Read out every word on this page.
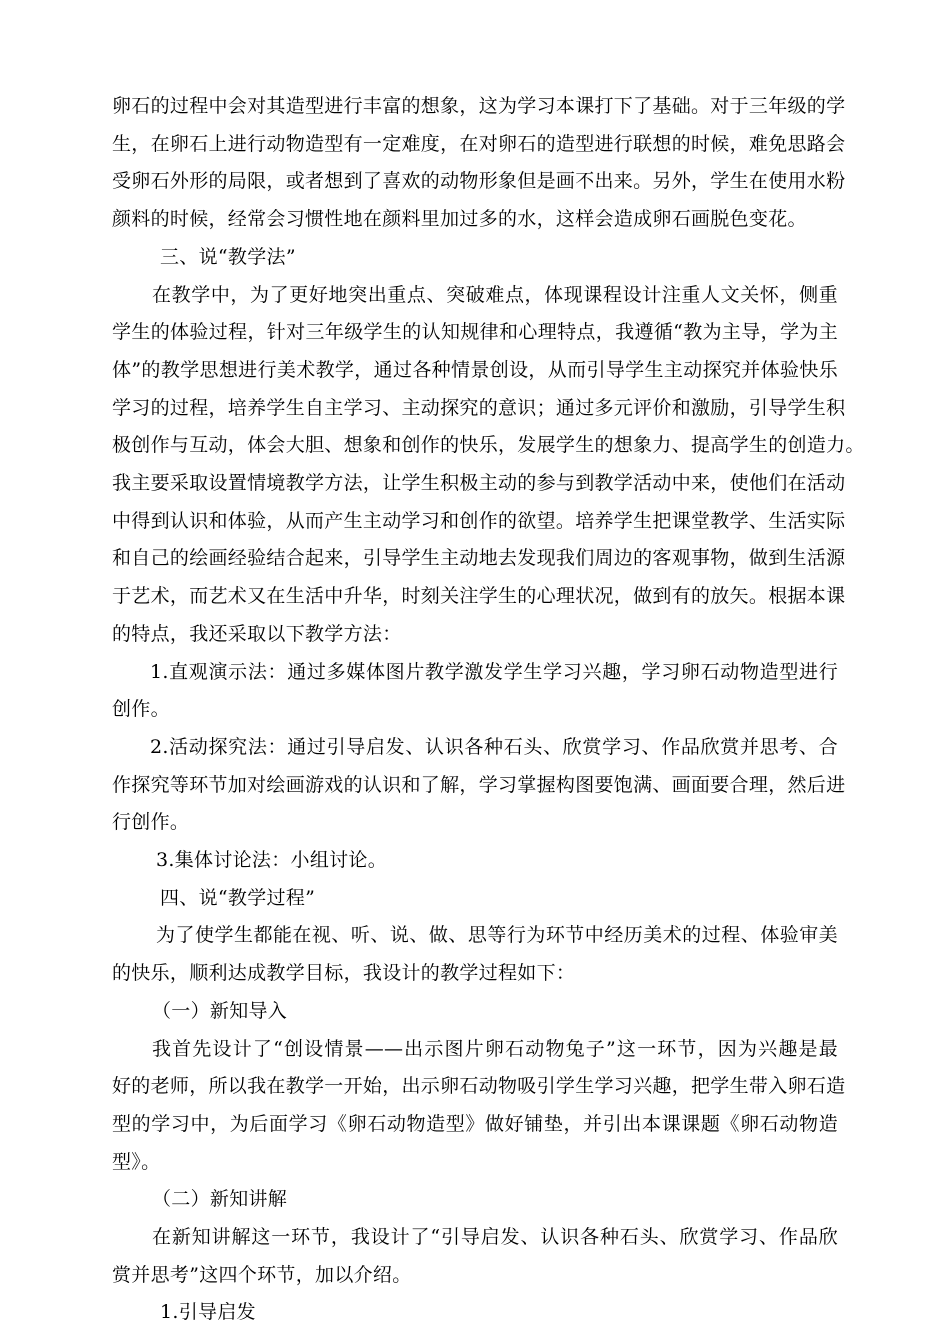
卵石的过程中会对其造型进行丰富的想象，这为学习本课打下了基础。对于三年级的学
生，在卵石上进行动物造型有一定难度，在对卵石的造型进行联想的时候，难免思路会
受卵石外形的局限，或者想到了喜欢的动物形象但是画不出来。另外，学生在使用水粉
颜料的时候，经常会习惯性地在颜料里加过多的水，这样会造成卵石画脱色变花。
三、说“教学法”
在教学中，为了更好地突出重点、突破难点，体现课程设计注重人文关怀，侧重
学生的体验过程，针对三年级学生的认知规律和心理特点，我遵循“教为主导，学为主
体”的教学思想进行美术教学，通过各种情景创设，从而引导学生主动探究并体验快乐
学习的过程，培养学生自主学习、主动探究的意识；通过多元评价和激励，引导学生积
极创作与互动，体会大胆、想象和创作的快乐，发展学生的想象力、提高学生的创造力。
我主要采取设置情境教学方法，让学生积极主动的参与到教学活动中来，使他们在活动
中得到认识和体验，从而产生主动学习和创作的欲望。培养学生把课堂教学、生活实际
和自己的绘画经验结合起来，引导学生主动地去发现我们周边的客观事物，做到生活源
于艺术，而艺术又在生活中升华，时刻关注学生的心理状况，做到有的放矢。根据本课
的特点，我还采取以下教学方法：
1.直观演示法：通过多媒体图片教学激发学生学习兴趣，学习卵石动物造型进行
创作。
2.活动探究法：通过引导启发、认识各种石头、欣赏学习、作品欣赏并思考、合
作探究等环节加对绘画游戏的认识和了解，学习掌握构图要饱满、画面要合理，然后进
行创作。
3.集体讨论法：小组讨论。
四、说“教学过程”
为了使学生都能在视、听、说、做、思等行为环节中经历美术的过程、体验审美
的快乐，顺利达成教学目标，我设计的教学过程如下：
（一）新知导入
我首先设计了“创设情景——出示图片卵石动物兔子”这一环节，因为兴趣是最
好的老师，所以我在教学一开始，出示卵石动物吸引学生学习兴趣，把学生带入卵石造
型的学习中，为后面学习《卵石动物造型》做好铺垫，并引出本课课题《卵石动物造
型》。
（二）新知讲解
在新知讲解这一环节，我设计了“引导启发、认识各种石头、欣赏学习、作品欣
赏并思考”这四个环节，加以介绍。
1.引导启发
